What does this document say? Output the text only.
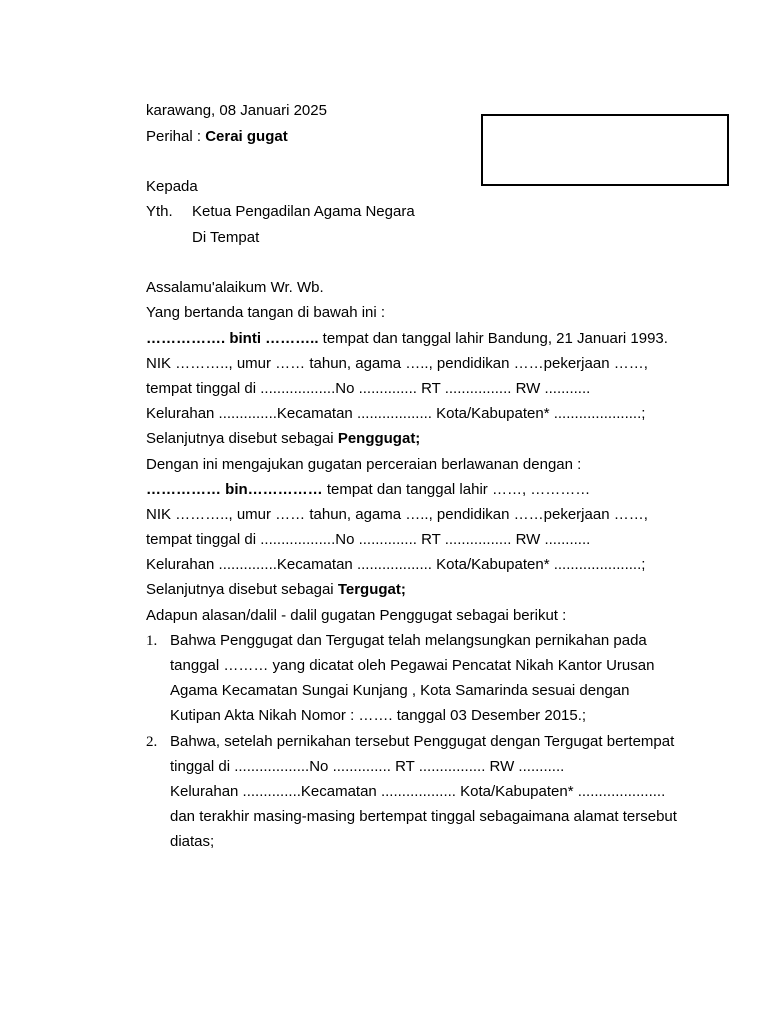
karawang, 08 Januari 2025
Perihal : Cerai gugat
Kepada
Yth. Ketua Pengadilan Agama Negara
Di Tempat
Assalamu'alaikum Wr. Wb.
Yang bertanda tangan di bawah ini :
……………. binti ……….. tempat dan tanggal lahir Bandung, 21 Januari 1993.
NIK ……….., umur …… tahun, agama ….., pendidikan ……pekerjaan ……,
tempat tinggal di ..................No .............. RT ................ RW ...........
Kelurahan ..............Kecamatan .................. Kota/Kabupaten* .....................;
Selanjutnya disebut sebagai Penggugat;
Dengan ini mengajukan gugatan perceraian berlawanan dengan :
…………… bin…………… tempat dan tanggal lahir ……, …………
NIK ……….., umur …… tahun, agama ….., pendidikan ……pekerjaan ……,
tempat tinggal di ..................No .............. RT ................ RW ...........
Kelurahan ..............Kecamatan .................. Kota/Kabupaten* .....................;
Selanjutnya disebut sebagai Tergugat;
Adapun alasan/dalil - dalil gugatan Penggugat sebagai berikut :
1. Bahwa Penggugat dan Tergugat telah melangsungkan pernikahan pada
tanggal ……… yang dicatat oleh Pegawai Pencatat Nikah Kantor Urusan
Agama Kecamatan Sungai Kunjang , Kota Samarinda sesuai dengan
Kutipan Akta Nikah Nomor : ……. tanggal 03 Desember 2015.;
2. Bahwa, setelah pernikahan tersebut Penggugat dengan Tergugat bertempat
tinggal di ..................No .............. RT ................ RW ...........
Kelurahan ..............Kecamatan .................. Kota/Kabupaten* .....................
dan terakhir masing-masing bertempat tinggal sebagaimana alamat tersebut
diatas;
